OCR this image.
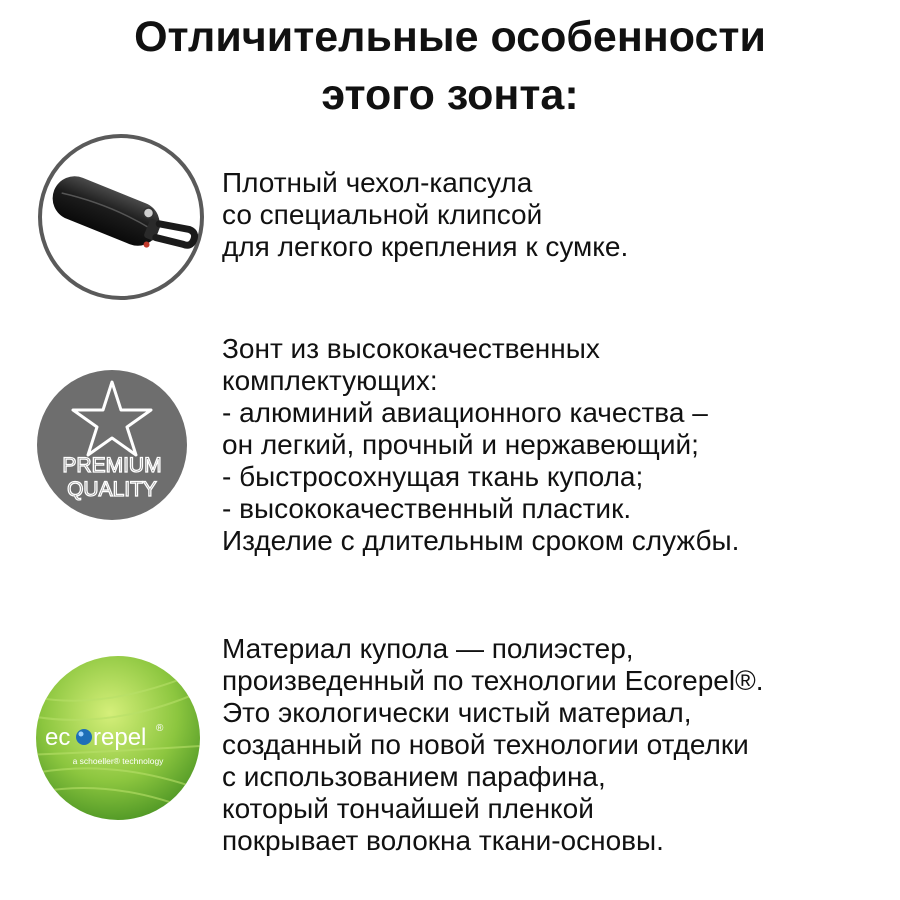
Отличительные особенности
этого зонта:
Плотный чехол-капсула
со специальной клипсой
для легкого крепления к сумке.
PREMIUM
QUALITY
Зонт из высококачественных
комплектующих:
- алюминий авиационного качества –
он легкий, прочный и нержавеющий;
- быстросохнущая ткань купола;
- высококачественный пластик.
Изделие с длительным сроком службы.
ec repel ®
a schoeller® technology
Материал купола — полиэстер,
произведенный по технологии Ecorepel®.
Это экологически чистый материал,
созданный по новой технологии отделки
с использованием парафина,
который тончайшей пленкой
покрывает волокна ткани-основы.
